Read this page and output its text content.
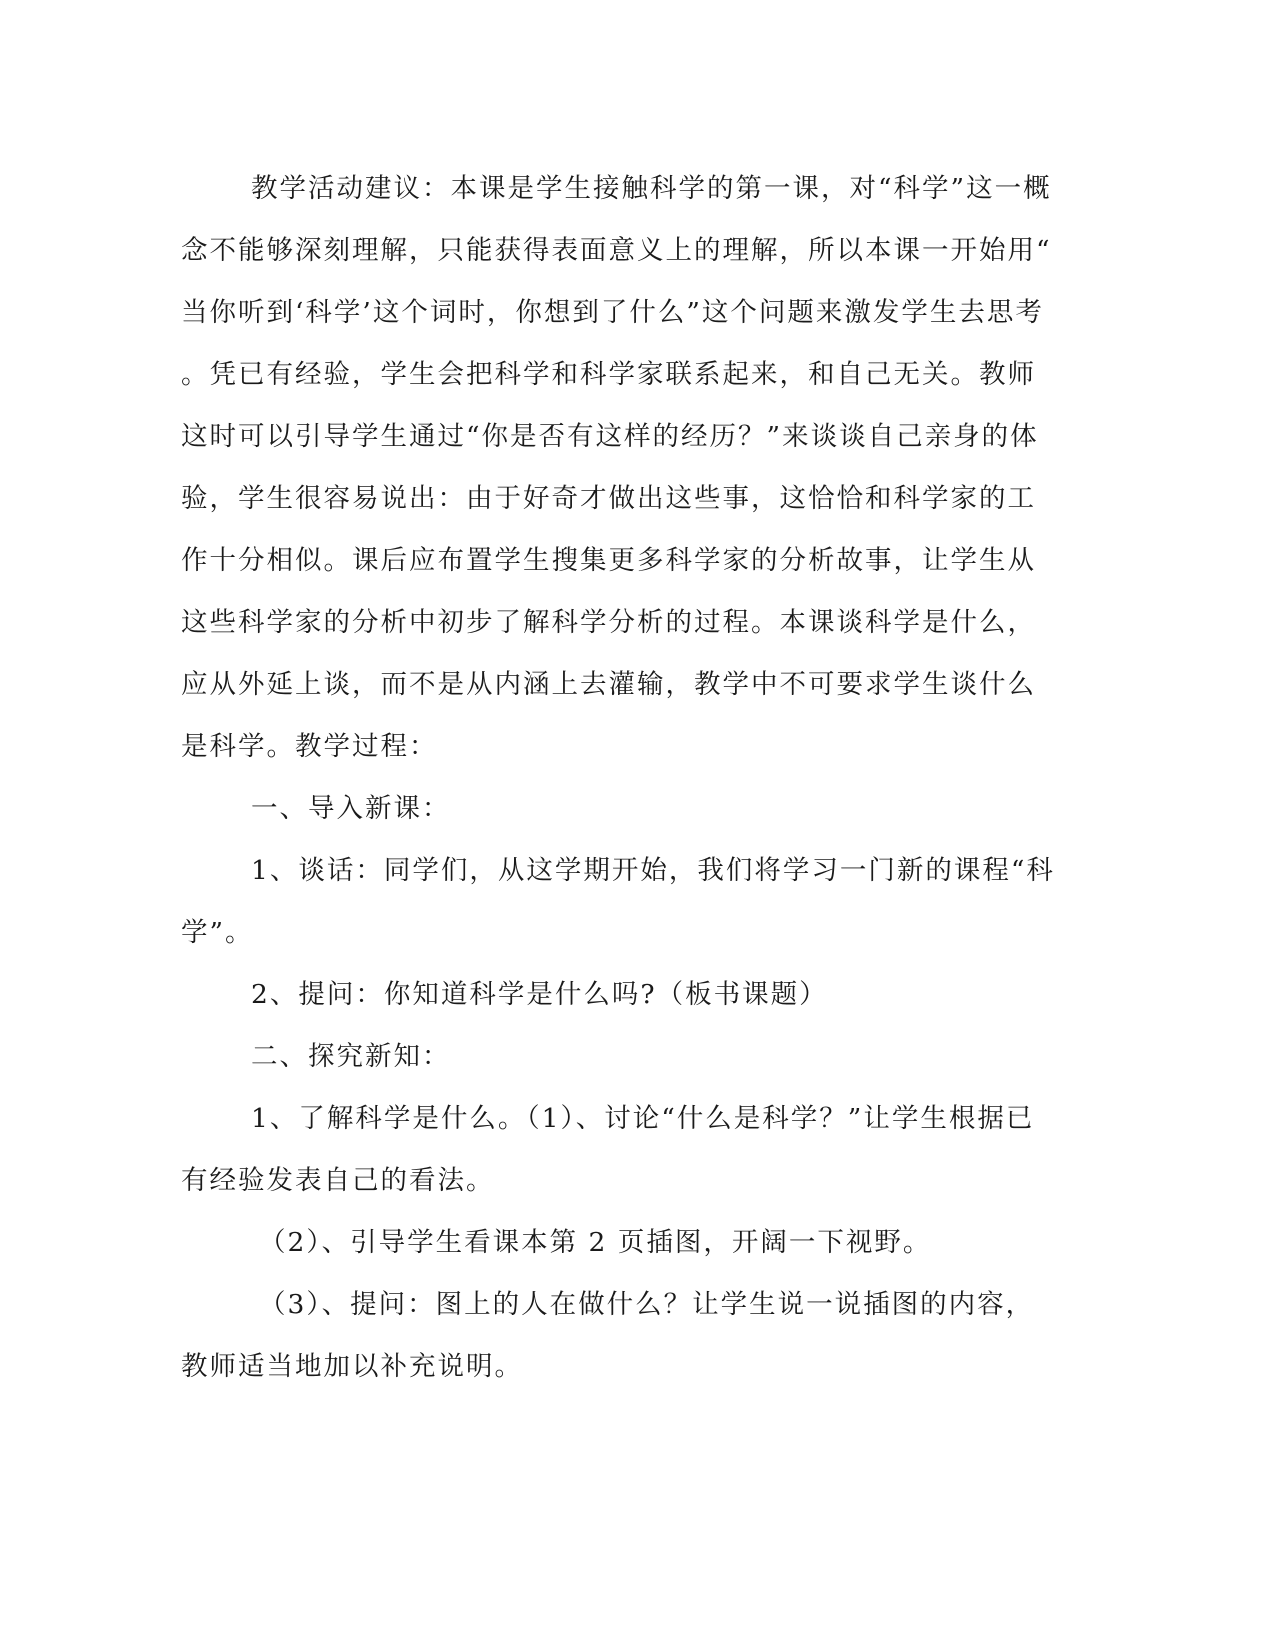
教学活动建议：本课是学生接触科学的第一课，对“科学”这一概
念不能够深刻理解，只能获得表面意义上的理解，所以本课一开始用“
当你听到‘科学’这个词时，你想到了什么”这个问题来激发学生去思考
。凭已有经验，学生会把科学和科学家联系起来，和自己无关。教师
这时可以引导学生通过“你是否有这样的经历？”来谈谈自己亲身的体
验，学生很容易说出：由于好奇才做出这些事，这恰恰和科学家的工
作十分相似。课后应布置学生搜集更多科学家的分析故事，让学生从
这些科学家的分析中初步了解科学分析的过程。本课谈科学是什么，
应从外延上谈，而不是从内涵上去灌输，教学中不可要求学生谈什么
是科学。教学过程：

一、导入新课：

1、谈话：同学们，从这学期开始，我们将学习一门新的课程“科
学”。

2、提问：你知道科学是什么吗?（板书课题）

二、探究新知：

1、了解科学是什么。（1）、讨论“什么是科学？”让学生根据已
有经验发表自己的看法。

（2）、引导学生看课本第 2 页插图，开阔一下视野。

（3）、提问：图上的人在做什么？让学生说一说插图的内容，
教师适当地加以补充说明。
